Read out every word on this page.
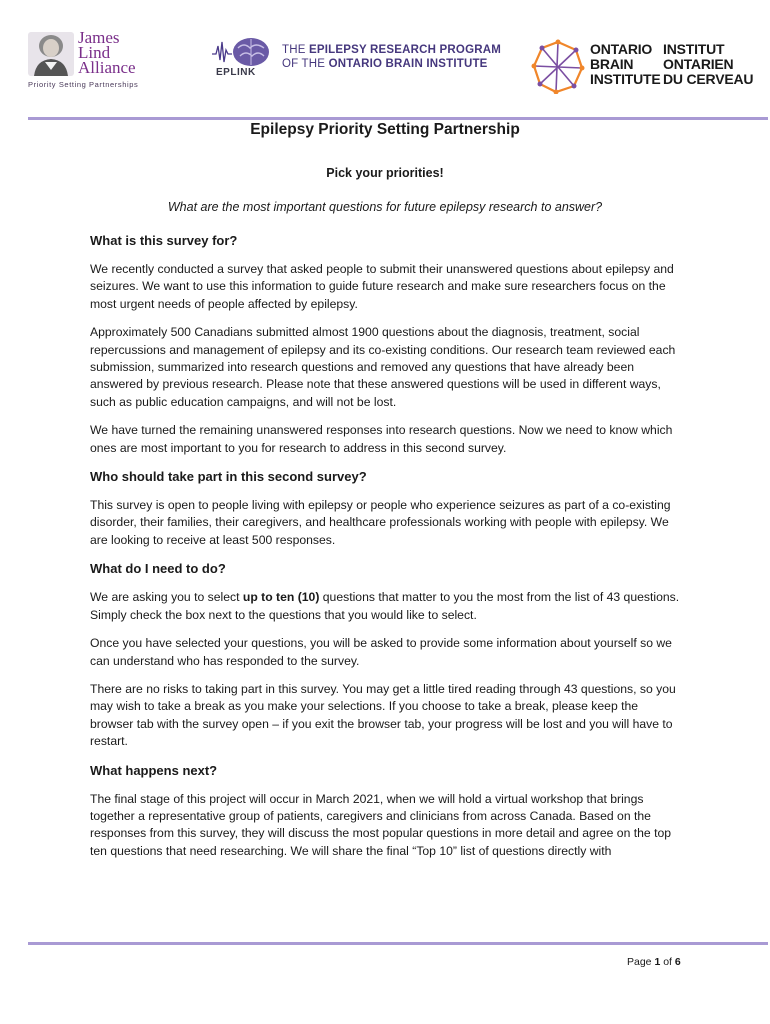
James
Lind
Alliance
Priority Setting Partnerships
EPLINK
THE EPILEPSY RESEARCH PROGRAM
OF THE ONTARIO BRAIN INSTITUTE
ONTARIO
BRAIN
INSTITUTE
INSTITUT
ONTARIEN
DU CERVEAU
Epilepsy Priority Setting Partnership
Pick your priorities!
What are the most important questions for future epilepsy research to answer?
What is this survey for?

We recently conducted a survey that asked people to submit their unanswered questions about epilepsy and seizures. We want to use this information to guide future research and make sure researchers focus on the most urgent needs of people affected by epilepsy.

Approximately 500 Canadians submitted almost 1900 questions about the diagnosis, treatment, social repercussions and management of epilepsy and its co-existing conditions. Our research team reviewed each submission, summarized into research questions and removed any questions that have already been answered by previous research. Please note that these answered questions will be used in different ways, such as public education campaigns, and will not be lost.

We have turned the remaining unanswered responses into research questions. Now we need to know which ones are most important to you for research to address in this second survey.

Who should take part in this second survey?

This survey is open to people living with epilepsy or people who experience seizures as part of a co-existing disorder, their families, their caregivers, and healthcare professionals working with people with epilepsy. We are looking to receive at least 500 responses.

What do I need to do?

We are asking you to select up to ten (10) questions that matter to you the most from the list of 43 questions. Simply check the box next to the questions that you would like to select.

Once you have selected your questions, you will be asked to provide some information about yourself so we can understand who has responded to the survey.

There are no risks to taking part in this survey. You may get a little tired reading through 43 questions, so you may wish to take a break as you make your selections. If you choose to take a break, please keep the browser tab with the survey open – if you exit the browser tab, your progress will be lost and you will have to restart.

What happens next?

The final stage of this project will occur in March 2021, when we will hold a virtual workshop that brings together a representative group of patients, caregivers and clinicians from across Canada. Based on the responses from this survey, they will discuss the most popular questions in more detail and agree on the top ten questions that need researching. We will share the final “Top 10” list of questions directly with

Page 1 of 6
